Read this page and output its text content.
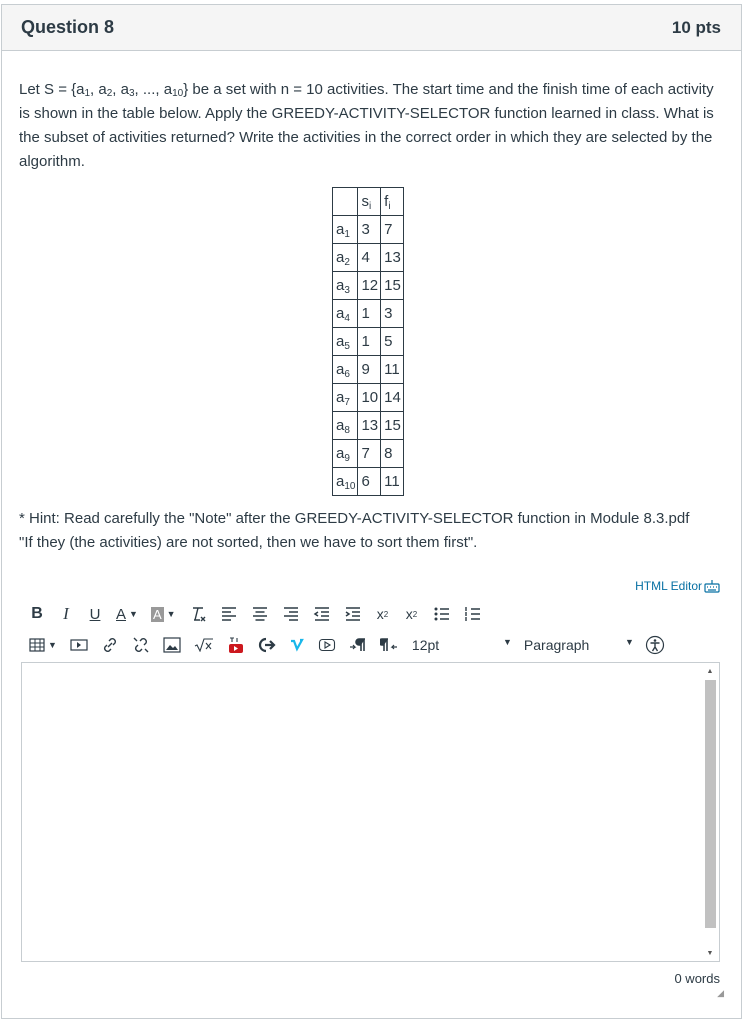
Question 8	10 pts
Let $S = \{a_1$, $a_2$, $a_3$, ..., $a_{10}$} be a set with n = 10 activities. The start time and the finish time of each activity is shown in the table below. Apply the GREEDY-ACTIVITY-SELECTOR function learned in class. What is the subset of activities returned? Write the activities in the correct order in which they are selected by the algorithm.
	$s_i$	$f_i$
$a_1$	3	7
$a_2$	4	13
$a_3$	12	15
$a_4$	1	3
$a_5$	1	5
$a_6$	9	11
$a_7$	10	14
$a_8$	13	15
$a_9$	7	8
$a_{10}$	6	11

* Hint: Read carefully the "Note" after the GREEDY-ACTIVITY-SELECTOR function in Module 8.3.pdf

"If they (the activities) are not sorted, then we have to sort them first".

HTML Editor
B	I	U	A ▼ A ▼	x 2	x 2
▼	12pt	▼ Paragraph	▼
▲
▼
0 words
◢
